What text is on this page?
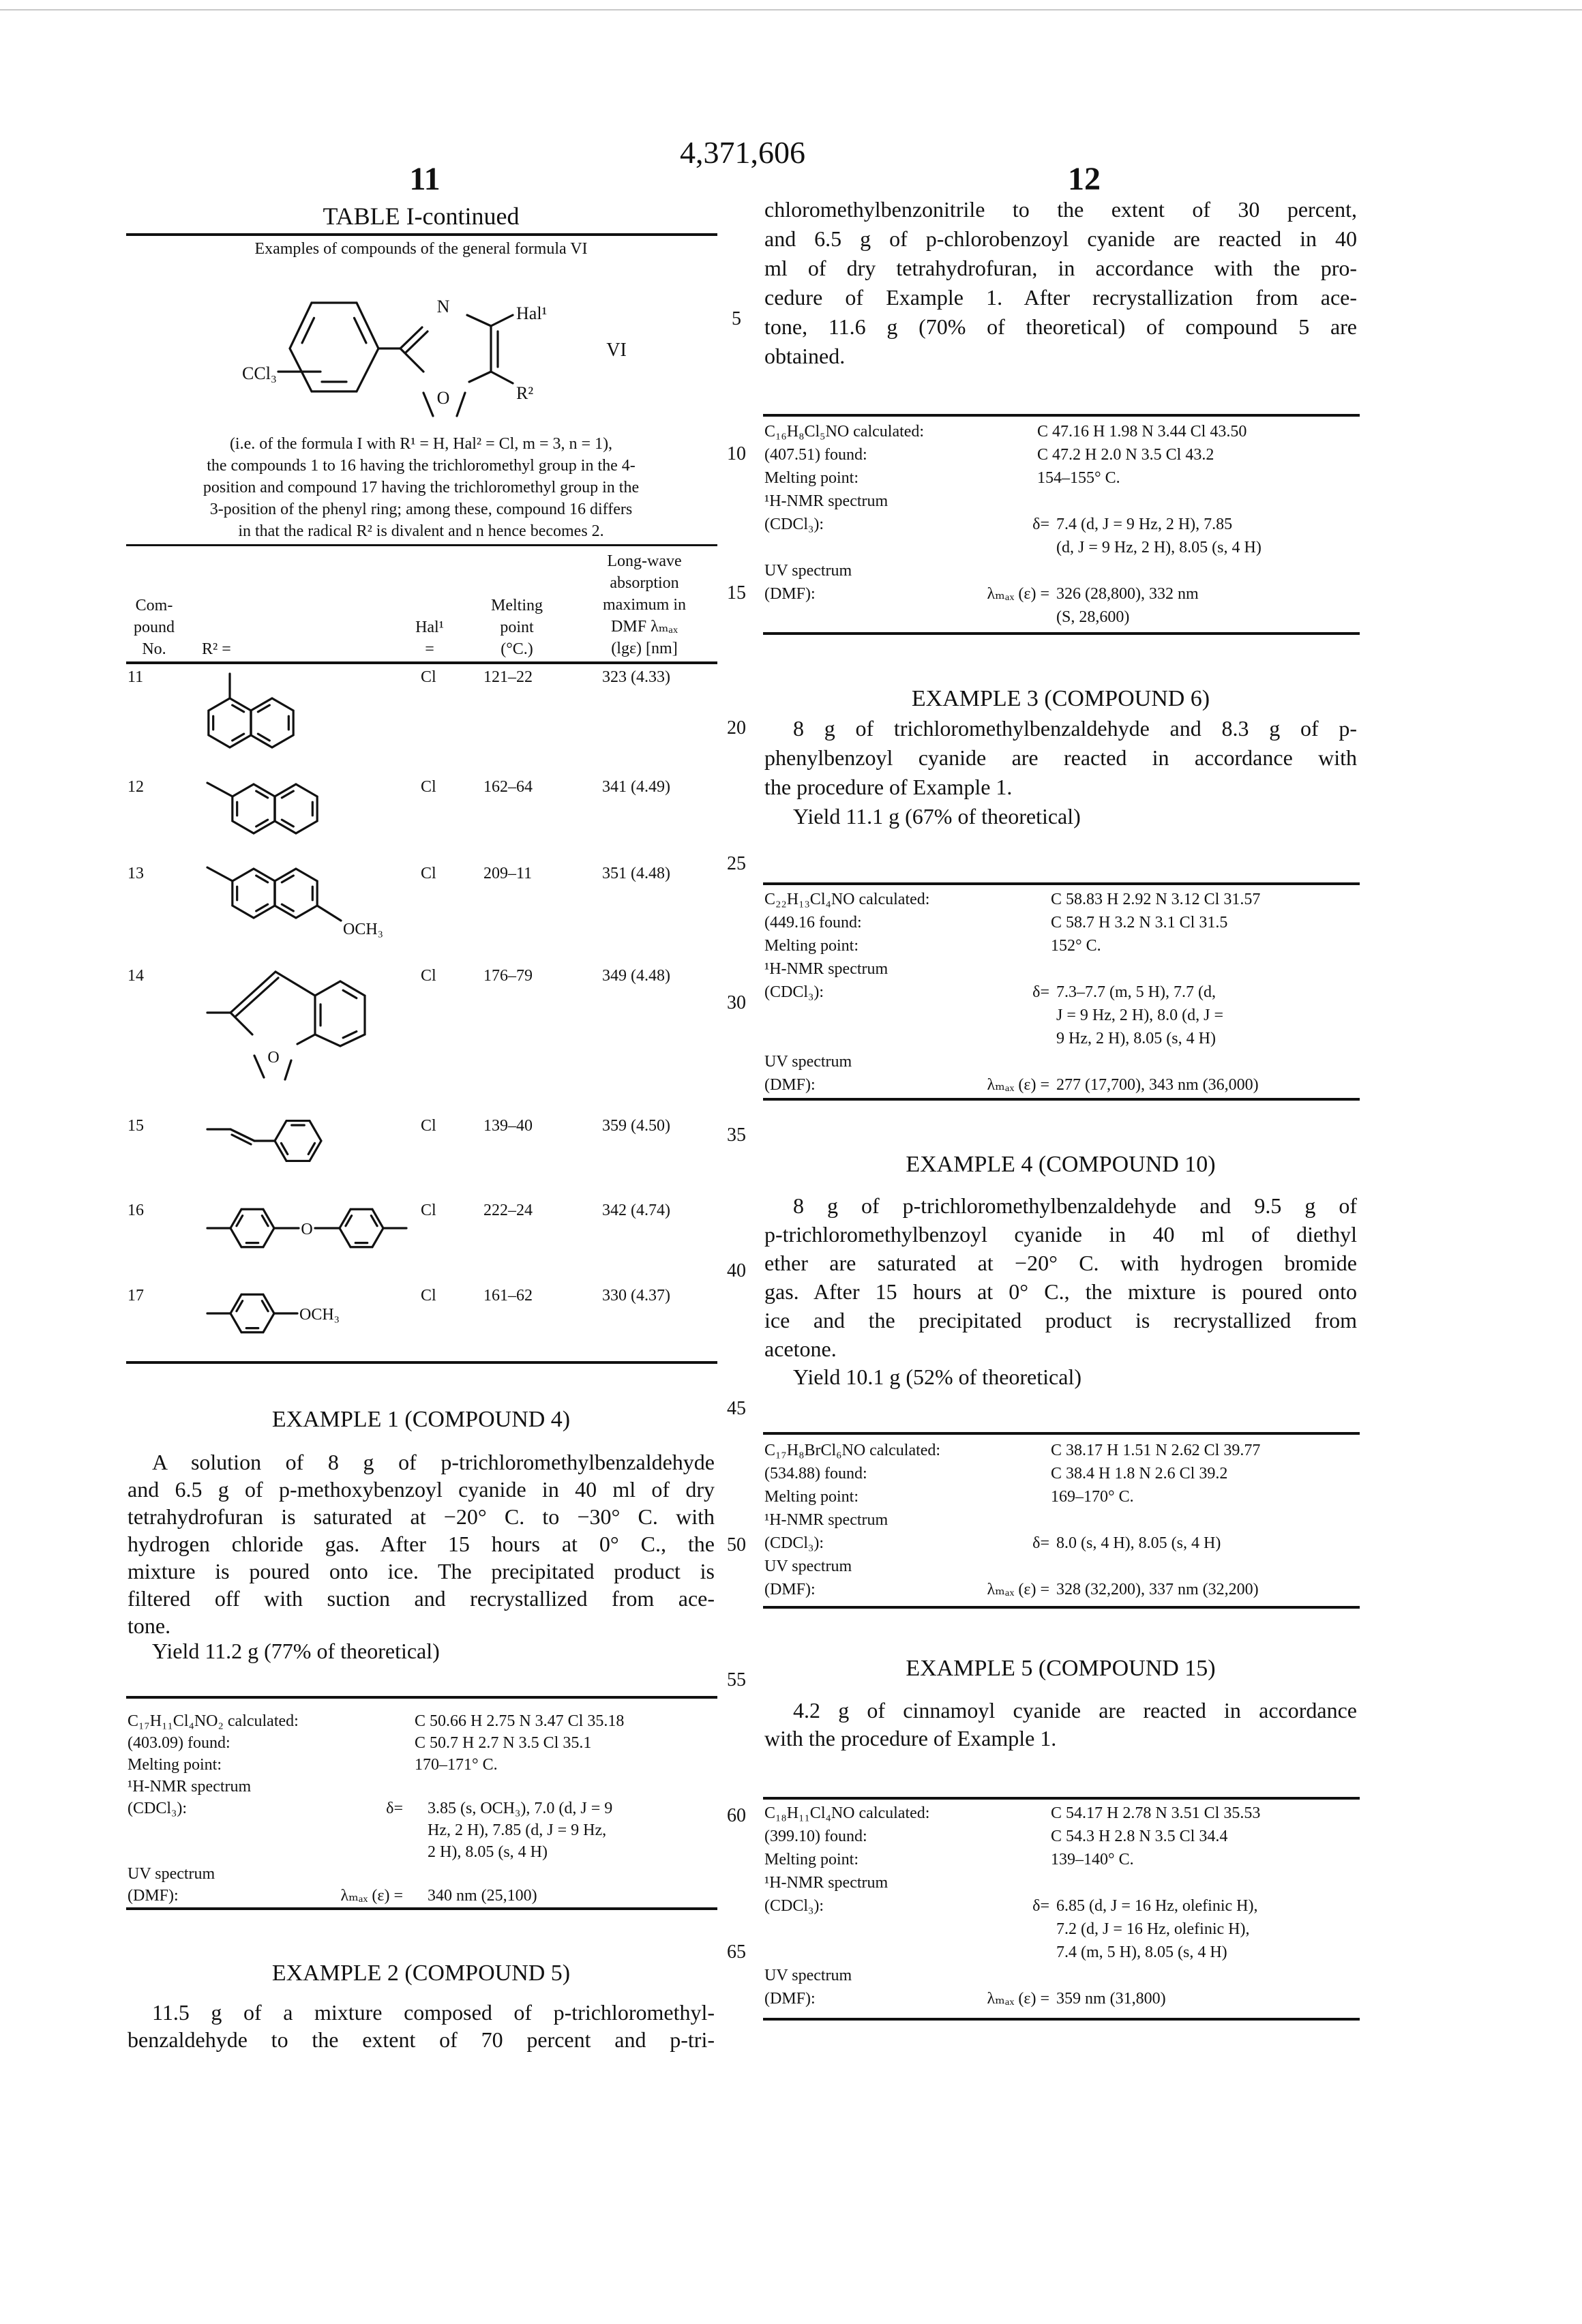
CCl₃
N	Hal¹
R²
O
VI
OCH₃
O
O
OCH₃
4,371,606
11	12
5
10
15
20
25
30
35
40
45
50
55
60
65
TABLE I-continued
Examples of compounds of the general formula VI
(i.e. of the formula I with R¹ = H, Hal² = Cl, m = 3, n = 1),
the compounds 1 to 16 having the trichloromethyl group in the 4-
position and compound 17 having the trichloromethyl group in the
3-position of the phenyl ring; among these, compound 16 differs
in that the radical R² is divalent and n hence becomes 2.
Com-
pound
No.	R² =
Hal¹
=
Melting
point
(°C.)
Long-wave
absorption
maximum in
DMF λₘₐₓ
(lgε) [nm]
11	Cl	121–22	323 (4.33)
12	Cl	162–64	341 (4.49)
13	Cl	209–11	351 (4.48)
14	Cl	176–79	349 (4.48)
15	Cl	139–40	359 (4.50)
16	Cl	222–24	342 (4.74)
17	Cl	161–62	330 (4.37)
EXAMPLE 1 (COMPOUND 4)
A solution of 8 g of p-trichloromethylbenzaldehyde
and 6.5 g of p-methoxybenzoyl cyanide in 40 ml of dry
tetrahydrofuran is saturated at −20° C. to −30° C. with
hydrogen chloride gas. After 15 hours at 0° C., the
mixture is poured onto ice. The precipitated product is
filtered off with suction and recrystallized from ace-
tone.
Yield 11.2 g (77% of theoretical)
C₁₇H₁₁Cl₄NO₂ calculated:	C 50.66 H 2.75 N 3.47 Cl 35.18
(403.09) found:	C 50.7 H 2.7 N 3.5 Cl 35.1
Melting point:	170–171° C.
¹H-NMR spectrum
(CDCl₃):	δ= 3.85 (s, OCH₃), 7.0 (d, J = 9
Hz, 2 H), 7.85 (d, J = 9 Hz,
2 H), 8.05 (s, 4 H)
UV spectrum
(DMF):	λₘₐₓ (ε) = 340 nm (25,100)
EXAMPLE 2 (COMPOUND 5)
11.5 g of a mixture composed of p-trichloromethyl-
benzaldehyde to the extent of 70 percent and p-tri-
chloromethylbenzonitrile to the extent of 30 percent,
and 6.5 g of p-chlorobenzoyl cyanide are reacted in 40
ml of dry tetrahydrofuran, in accordance with the pro-
cedure of Example 1. After recrystallization from ace-
tone, 11.6 g (70% of theoretical) of compound 5 are
obtained.
C₁₆H₈Cl₅NO calculated:	C 47.16 H 1.98 N 3.44 Cl 43.50
(407.51) found:	C 47.2 H 2.0 N 3.5 Cl 43.2
Melting point:	154–155° C.
¹H-NMR spectrum
(CDCl₃):	δ= 7.4 (d, J = 9 Hz, 2 H), 7.85
(d, J = 9 Hz, 2 H), 8.05 (s, 4 H)
UV spectrum
(DMF):	λₘₐₓ (ε) = 326 (28,800), 332 nm
(S, 28,600)
EXAMPLE 3 (COMPOUND 6)
8 g of trichloromethylbenzaldehyde and 8.3 g of p-
phenylbenzoyl cyanide are reacted in accordance with
the procedure of Example 1.
Yield 11.1 g (67% of theoretical)
C₂₂H₁₃Cl₄NO calculated:	C 58.83 H 2.92 N 3.12 Cl 31.57
(449.16 found:	C 58.7 H 3.2 N 3.1 Cl 31.5
Melting point:	152° C.
¹H-NMR spectrum
(CDCl₃):	δ= 7.3–7.7 (m, 5 H), 7.7 (d,
J = 9 Hz, 2 H), 8.0 (d, J =
9 Hz, 2 H), 8.05 (s, 4 H)
UV spectrum
(DMF):	λₘₐₓ (ε) = 277 (17,700), 343 nm (36,000)
EXAMPLE 4 (COMPOUND 10)
8 g of p-trichloromethylbenzaldehyde and 9.5 g of
p-trichloromethylbenzoyl cyanide in 40 ml of diethyl
ether are saturated at −20° C. with hydrogen bromide
gas. After 15 hours at 0° C., the mixture is poured onto
ice and the precipitated product is recrystallized from
acetone.
Yield 10.1 g (52% of theoretical)
C₁₇H₈BrCl₆NO calculated:	C 38.17 H 1.51 N 2.62 Cl 39.77
(534.88) found:	C 38.4 H 1.8 N 2.6 Cl 39.2
Melting point:	169–170° C.
¹H-NMR spectrum
(CDCl₃):	δ= 8.0 (s, 4 H), 8.05 (s, 4 H)
UV spectrum
(DMF):	λₘₐₓ (ε) = 328 (32,200), 337 nm (32,200)
EXAMPLE 5 (COMPOUND 15)
4.2 g of cinnamoyl cyanide are reacted in accordance
with the procedure of Example 1.
C₁₈H₁₁Cl₄NO calculated:	C 54.17 H 2.78 N 3.51 Cl 35.53
(399.10) found:	C 54.3 H 2.8 N 3.5 Cl 34.4
Melting point:	139–140° C.
¹H-NMR spectrum
(CDCl₃):	δ= 6.85 (d, J = 16 Hz, olefinic H),
7.2 (d, J = 16 Hz, olefinic H),
7.4 (m, 5 H), 8.05 (s, 4 H)
UV spectrum
(DMF):	λₘₐₓ (ε) = 359 nm (31,800)
